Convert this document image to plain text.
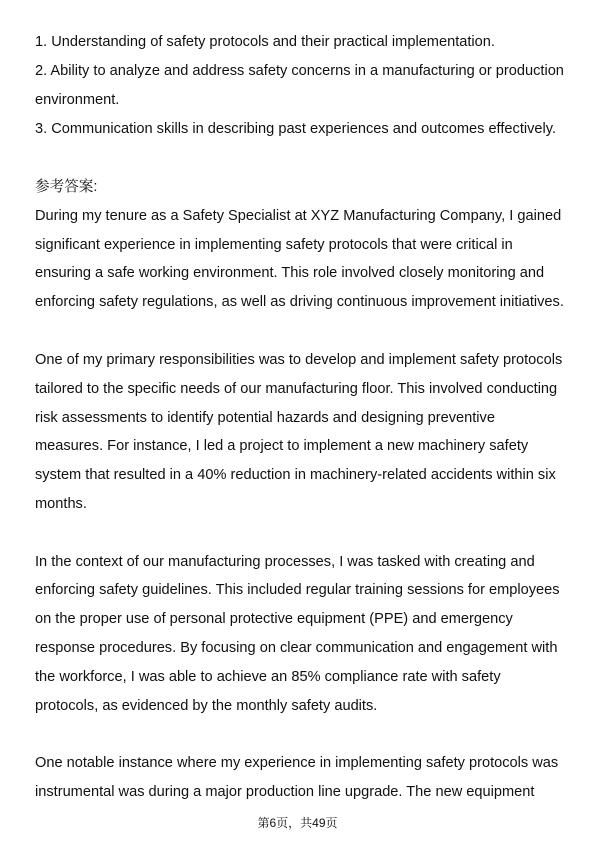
1. Understanding of safety protocols and their practical implementation.
2. Ability to analyze and address safety concerns in a manufacturing or production
environment.
3. Communication skills in describing past experiences and outcomes effectively.
参考答案:
During my tenure as a Safety Specialist at XYZ Manufacturing Company, I gained
significant experience in implementing safety protocols that were critical in
ensuring a safe working environment. This role involved closely monitoring and
enforcing safety regulations, as well as driving continuous improvement initiatives.
One of my primary responsibilities was to develop and implement safety protocols
tailored to the specific needs of our manufacturing floor. This involved conducting
risk assessments to identify potential hazards and designing preventive
measures. For instance, I led a project to implement a new machinery safety
system that resulted in a 40% reduction in machinery-related accidents within six
months.
In the context of our manufacturing processes, I was tasked with creating and
enforcing safety guidelines. This included regular training sessions for employees
on the proper use of personal protective equipment (PPE) and emergency
response procedures. By focusing on clear communication and engagement with
the workforce, I was able to achieve an 85% compliance rate with safety
protocols, as evidenced by the monthly safety audits.
One notable instance where my experience in implementing safety protocols was
instrumental was during a major production line upgrade. The new equipment
第6页，共49页
